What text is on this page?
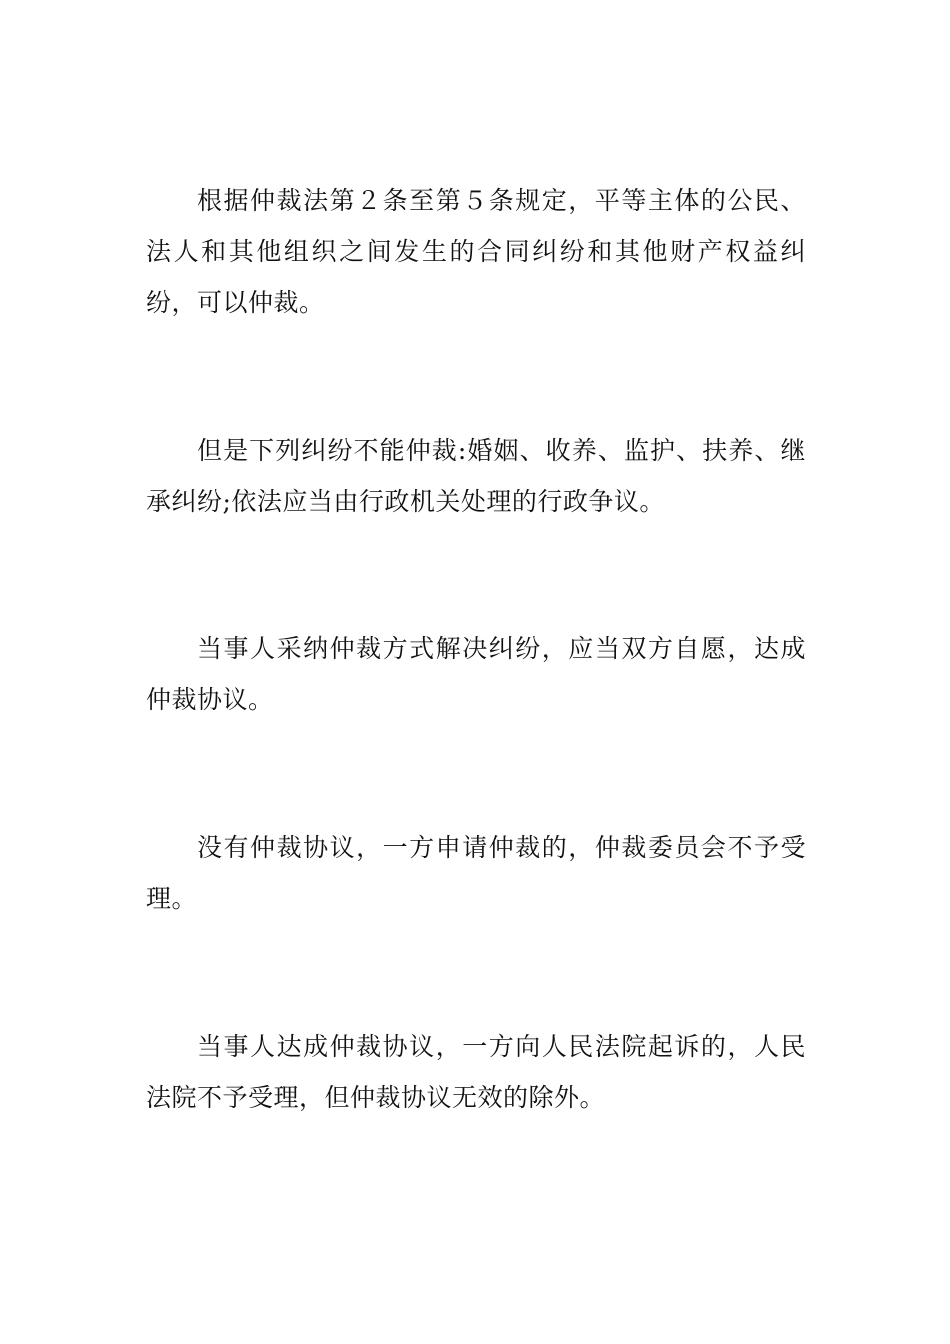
根据仲裁法第２条至第５条规定，平等主体的公民、法人和其他组织之间发生的合同纠纷和其他财产权益纠纷，可以仲裁。

但是下列纠纷不能仲裁:婚姻、收养、监护、扶养、继承纠纷;依法应当由行政机关处理的行政争议。

当事人采纳仲裁方式解决纠纷，应当双方自愿，达成仲裁协议。

没有仲裁协议，一方申请仲裁的，仲裁委员会不予受理。

当事人达成仲裁协议，一方向人民法院起诉的，人民法院不予受理，但仲裁协议无效的除外。
